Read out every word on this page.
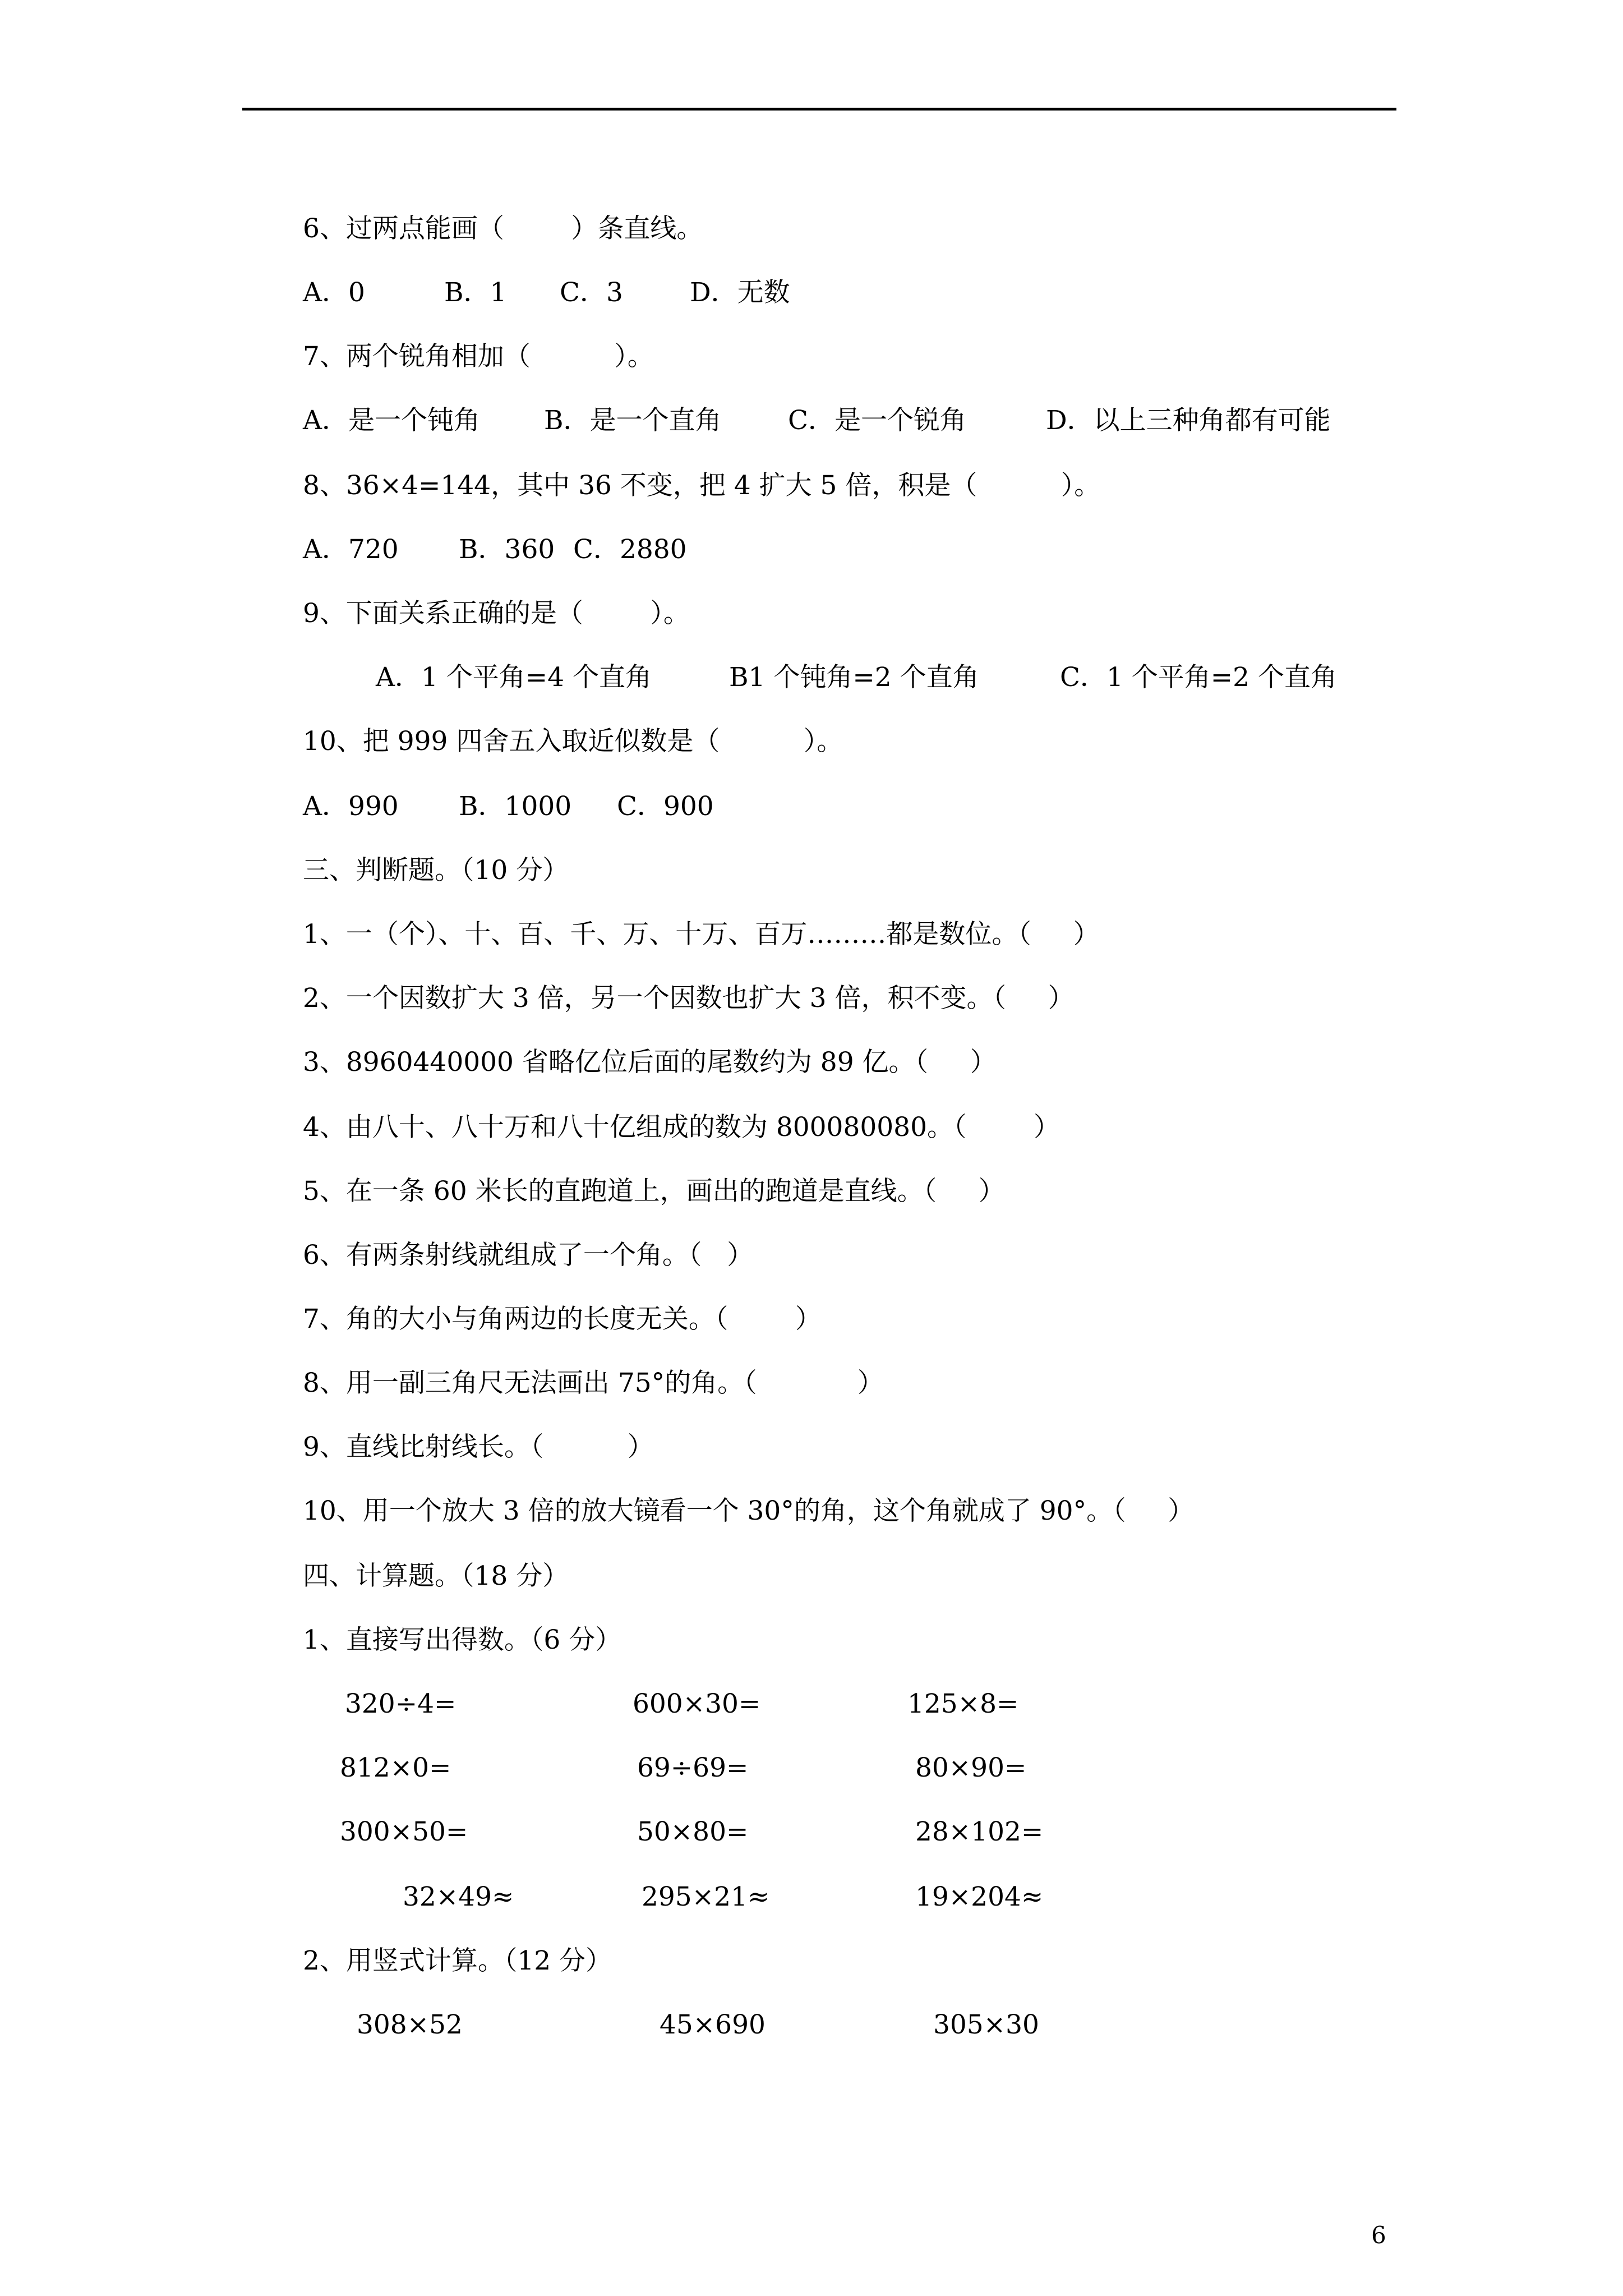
6、过两点能画（        ）条直线。
A．0	B．1 C．3	D．无数
7、两个锐角相加（          ）。
A．是一个钝角 B．是一个直角	C．是一个锐角	D．以上三种角都有可能
8、36×4=144，其中 36 不变，把 4 扩大 5 倍，积是（          ）。
A．720 B．360 C．2880
9、下面关系正确的是（        ）。
A．1 个平角=4 个直角	B1 个钝角=2 个直角	C．1 个平角=2 个直角
10、把 999 四舍五入取近似数是（          ）。
A．990 B．1000 C．900
三、判断题。（10 分）
1、一（个）、十、百、千、万、十万、百万………都是数位。（     ）
2、一个因数扩大 3 倍，另一个因数也扩大 3 倍，积不变。（     ）
3、8960440000 省略亿位后面的尾数约为 89 亿。（     ）
4、由八十、八十万和八十亿组成的数为 800080080。（        ）
5、在一条 60 米长的直跑道上，画出的跑道是直线。（     ）
6、有两条射线就组成了一个角。（   ）
7、角的大小与角两边的长度无关。（        ）
8、用一副三角尺无法画出 75°的角。（            ）
9、直线比射线长。（          ）
10、用一个放大 3 倍的放大镜看一个 30°的角，这个角就成了 90°。（     ）
四、计算题。（18 分）
1、直接写出得数。（6 分）
320÷4=	600×30=	125×8=
812×0=	69÷69=	80×90=
300×50=	50×80=	28×102=
32×49≈	295×21≈	19×204≈
2、用竖式计算。（12 分）
308×52	45×690	305×30
6
